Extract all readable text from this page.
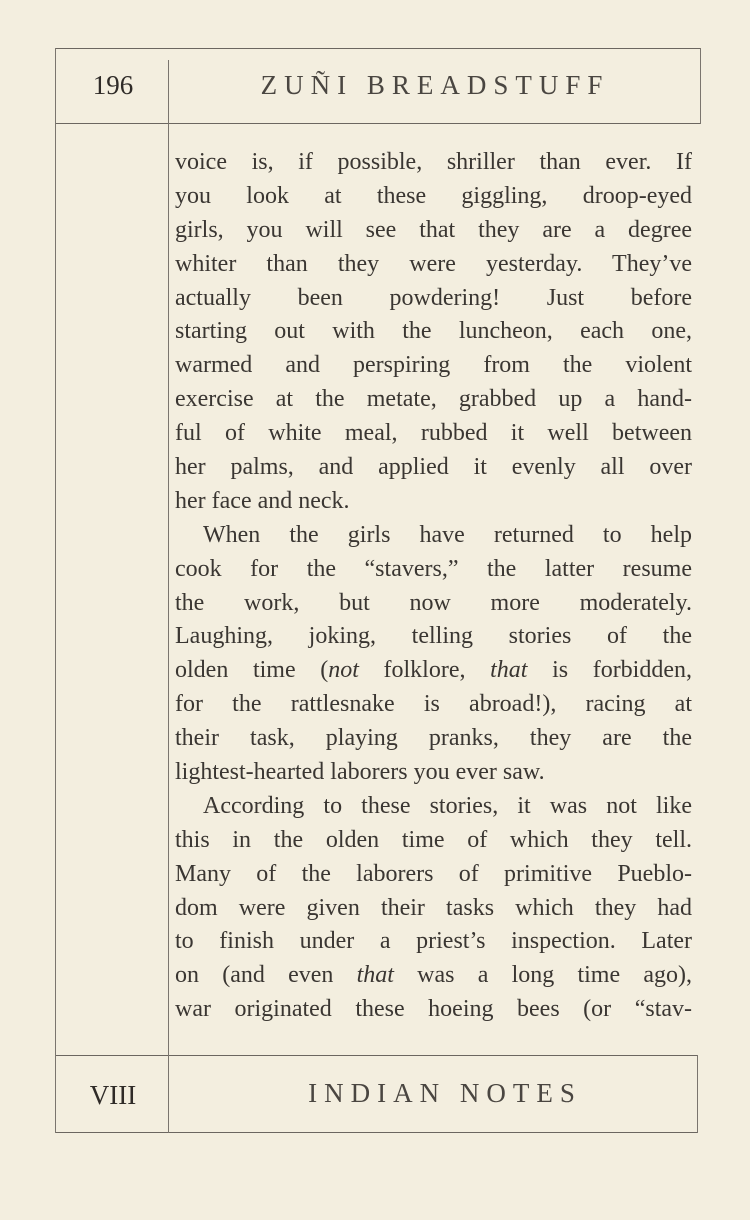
196	ZUÑI BREADSTUFF
voice is, if possible, shriller than ever. If
you look at these giggling, droop-eyed
girls, you will see that they are a degree
whiter than they were yesterday. They’ve
actually been powdering! Just before
starting out with the luncheon, each one,
warmed and perspiring from the violent
exercise at the metate, grabbed up a hand-
ful of white meal, rubbed it well between
her palms, and applied it evenly all over
her face and neck.
When the girls have returned to help
cook for the “stavers,” the latter resume
the work, but now more moderately.
Laughing, joking, telling stories of the
olden time (not folklore, that is forbidden,
for the rattlesnake is abroad!), racing at
their task, playing pranks, they are the
lightest-hearted laborers you ever saw.
According to these stories, it was not like
this in the olden time of which they tell.
Many of the laborers of primitive Pueblo-
dom were given their tasks which they had
to finish under a priest’s inspection. Later
on (and even that was a long time ago),
war originated these hoeing bees (or “stav-
VIII	INDIAN NOTES
